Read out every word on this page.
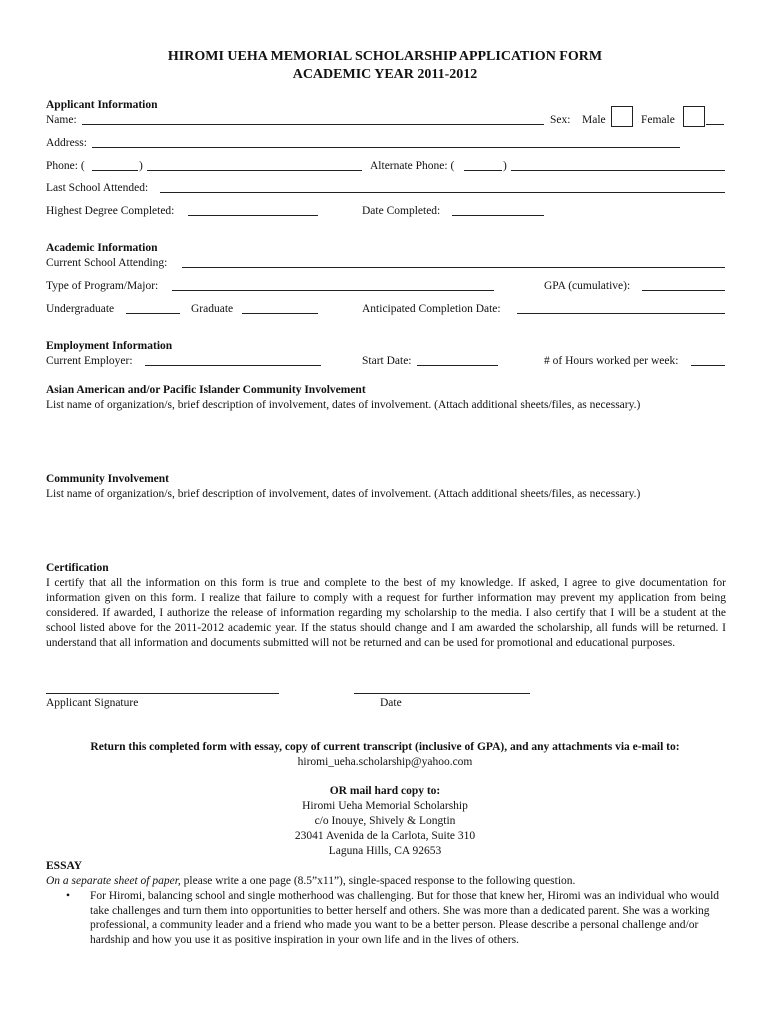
HIROMI UEHA MEMORIAL SCHOLARSHIP APPLICATION FORM
ACADEMIC YEAR 2011-2012
Applicant Information
Name:	Sex: Male	Female
Address:
Phone: (	)	Alternate Phone: (	)
Last School Attended:
Highest Degree Completed:	Date Completed:
Academic Information
Current School Attending:
Type of Program/Major:	GPA (cumulative):
Undergraduate	Graduate	Anticipated Completion Date:
Employment Information
Current Employer:	Start Date:	# of Hours worked per week:
Asian American and/or Pacific Islander Community Involvement
List name of organization/s, brief description of involvement, dates of involvement. (Attach additional sheets/files, as necessary.)
Community Involvement
List name of organization/s, brief description of involvement, dates of involvement. (Attach additional sheets/files, as necessary.)
Certification
I certify that all the information on this form is true and complete to the best of my knowledge. If asked, I agree to give documentation for information given on this form. I realize that failure to comply with a request for further information may prevent my application from being considered. If awarded, I authorize the release of information regarding my scholarship to the media. I also certify that I will be a student at the school listed above for the 2011-2012 academic year. If the status should change and I am awarded the scholarship, all funds will be returned. I understand that all information and documents submitted will not be returned and can be used for promotional and educational purposes.
Applicant Signature	Date
Return this completed form with essay, copy of current transcript (inclusive of GPA), and any attachments via e-mail to:
hiromi_ueha.scholarship@yahoo.com
OR mail hard copy to:
Hiromi Ueha Memorial Scholarship
c/o Inouye, Shively & Longtin
23041 Avenida de la Carlota, Suite 310
Laguna Hills, CA 92653
ESSAY
On a separate sheet of paper, please write a one page (8.5”x11”), single-spaced response to the following question.
• For Hiromi, balancing school and single motherhood was challenging. But for those that knew her, Hiromi was an individual who would take challenges and turn them into opportunities to better herself and others. She was more than a dedicated parent. She was a working professional, a community leader and a friend who made you want to be a better person. Please describe a personal challenge and/or hardship and how you use it as positive inspiration in your own life and in the lives of others.
